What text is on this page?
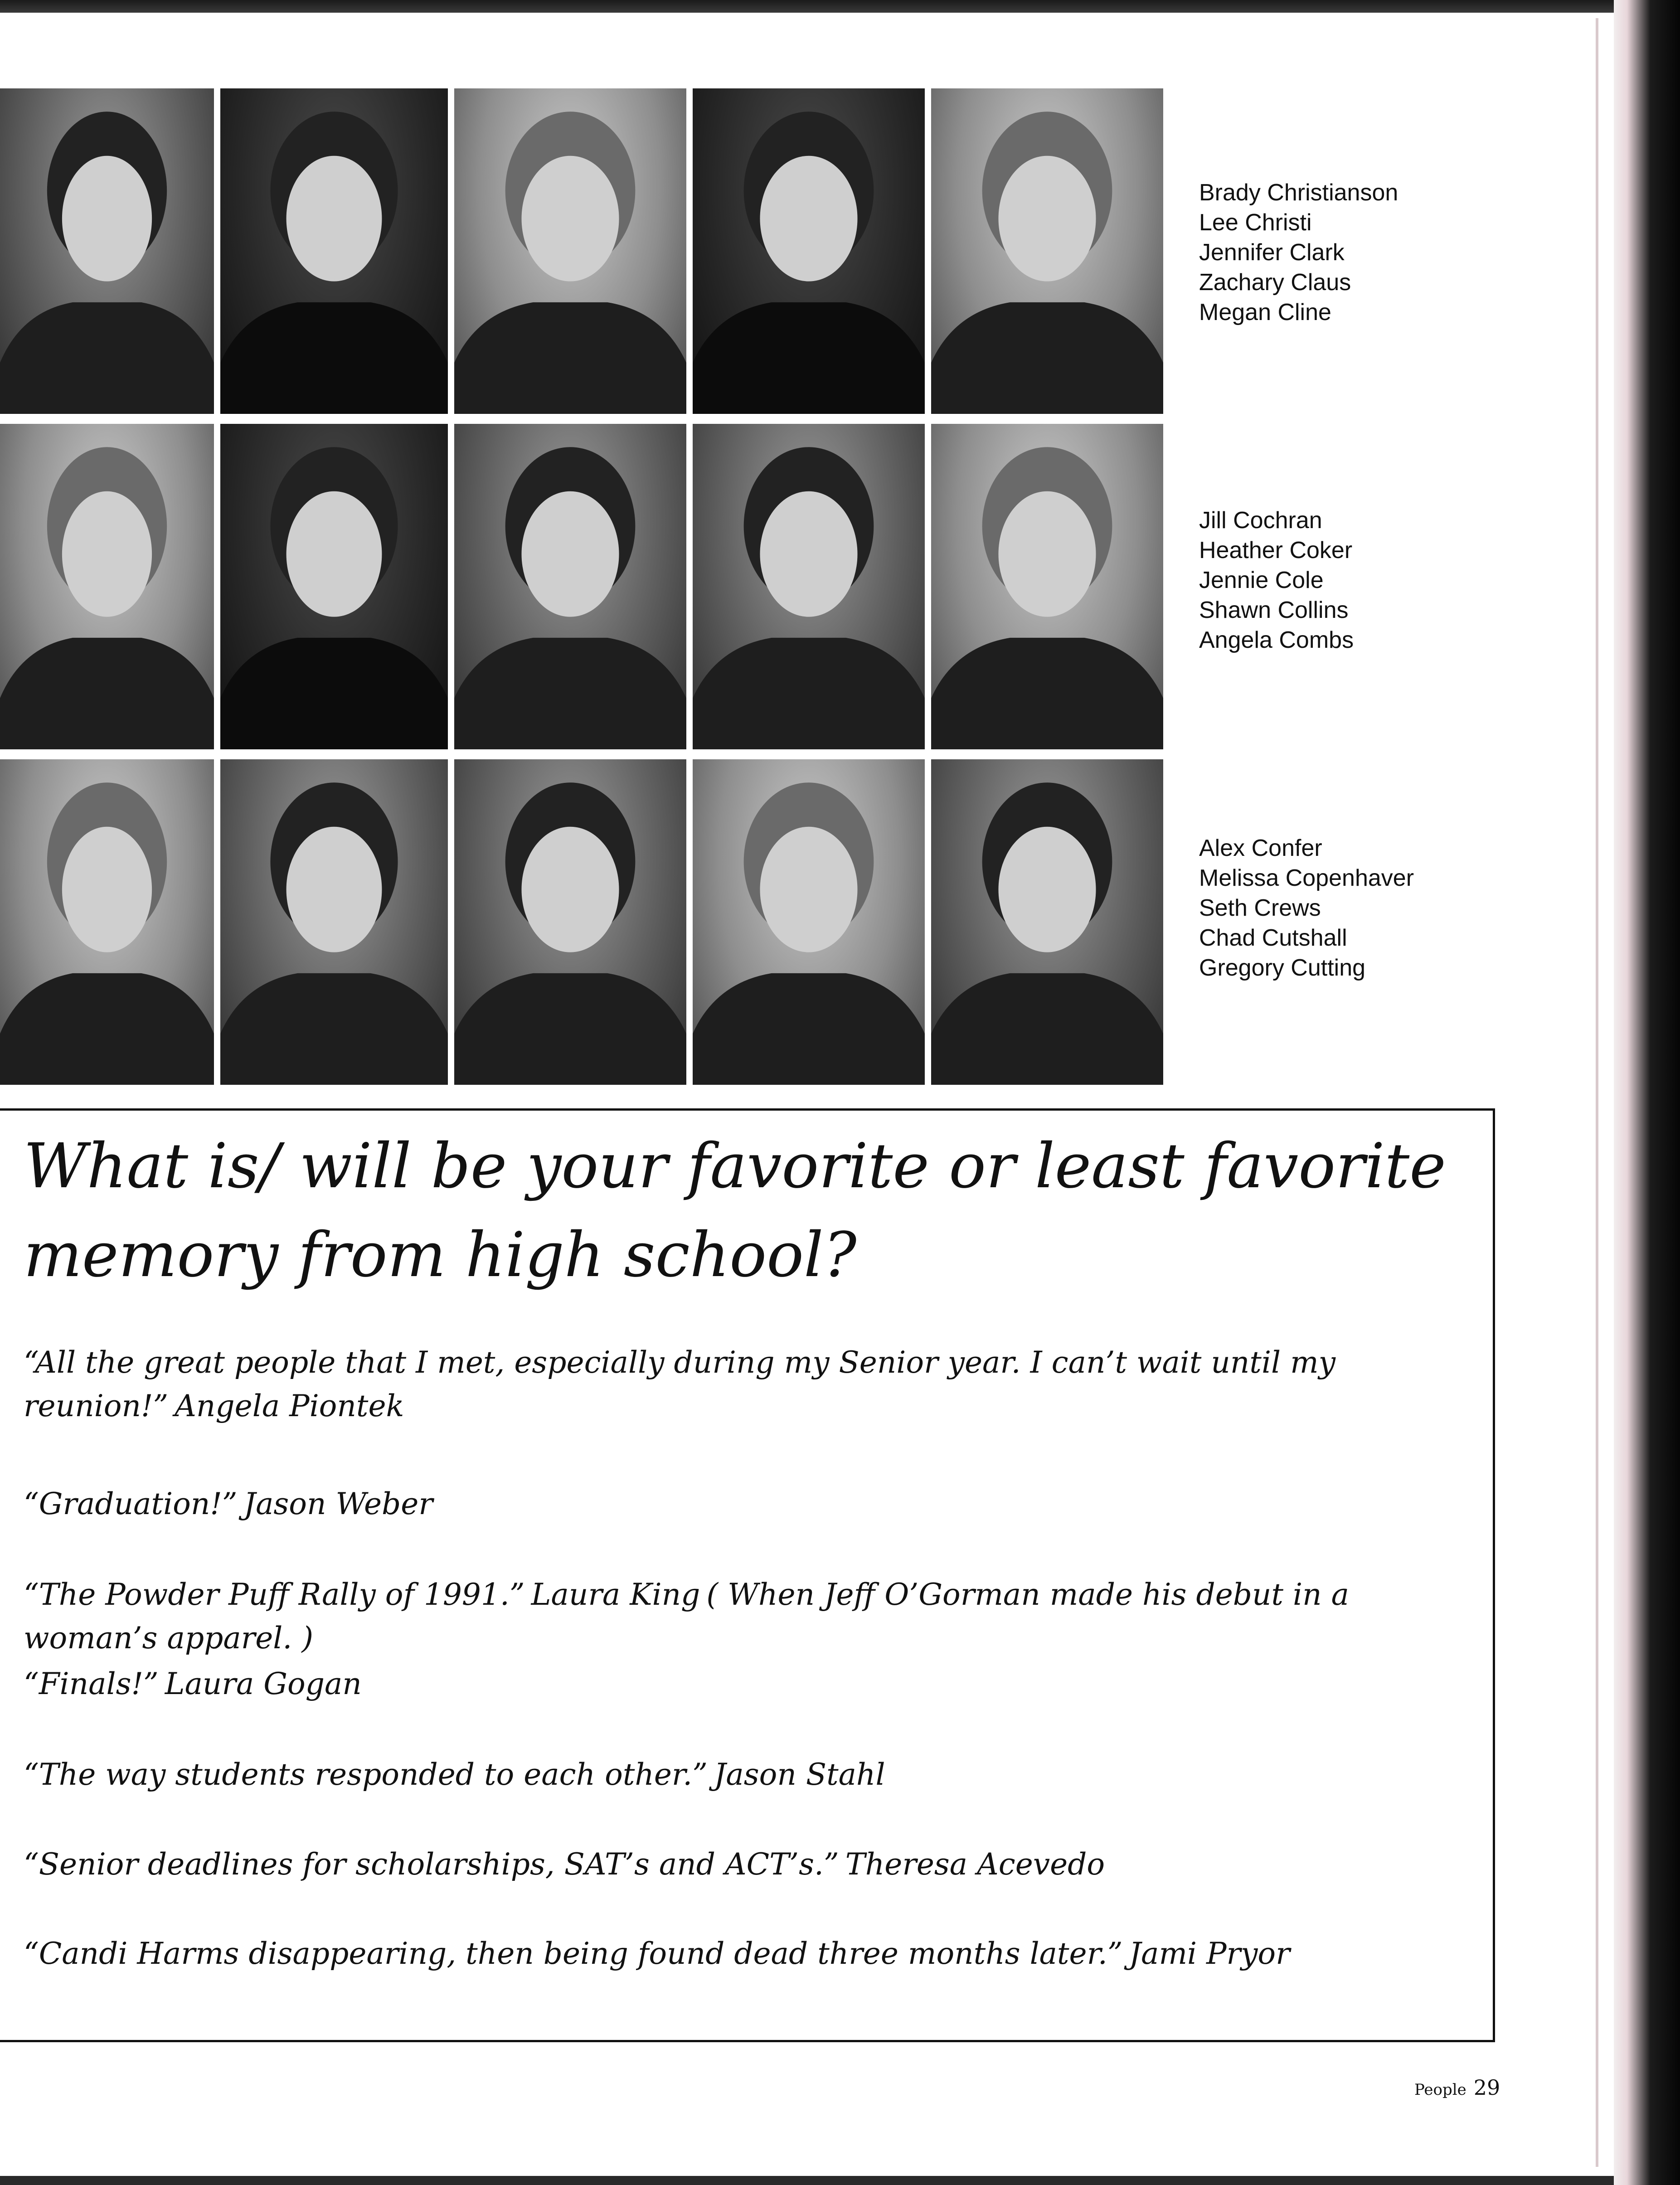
Brady Christianson
Lee Christi
Jennifer Clark
Zachary Claus
Megan Cline
Jill Cochran
Heather Coker
Jennie Cole
Shawn Collins
Angela Combs
Alex Confer
Melissa Copenhaver
Seth Crews
Chad Cutshall
Gregory Cutting
What is/ will be your favorite or least favorite memory from high school?
“All the great people that I met, especially during my Senior year. I can’t wait until my reunion!” Angela Piontek
“Graduation!” Jason Weber
“The Powder Puff Rally of 1991.” Laura King ( When Jeff O’Gorman made his debut in a woman’s apparel. )
“Finals!” Laura Gogan
“The way students responded to each other.” Jason Stahl
“Senior deadlines for scholarships, SAT’s and ACT’s.” Theresa Acevedo
“Candi Harms disappearing, then being found dead three months later.” Jami Pryor
People 29
